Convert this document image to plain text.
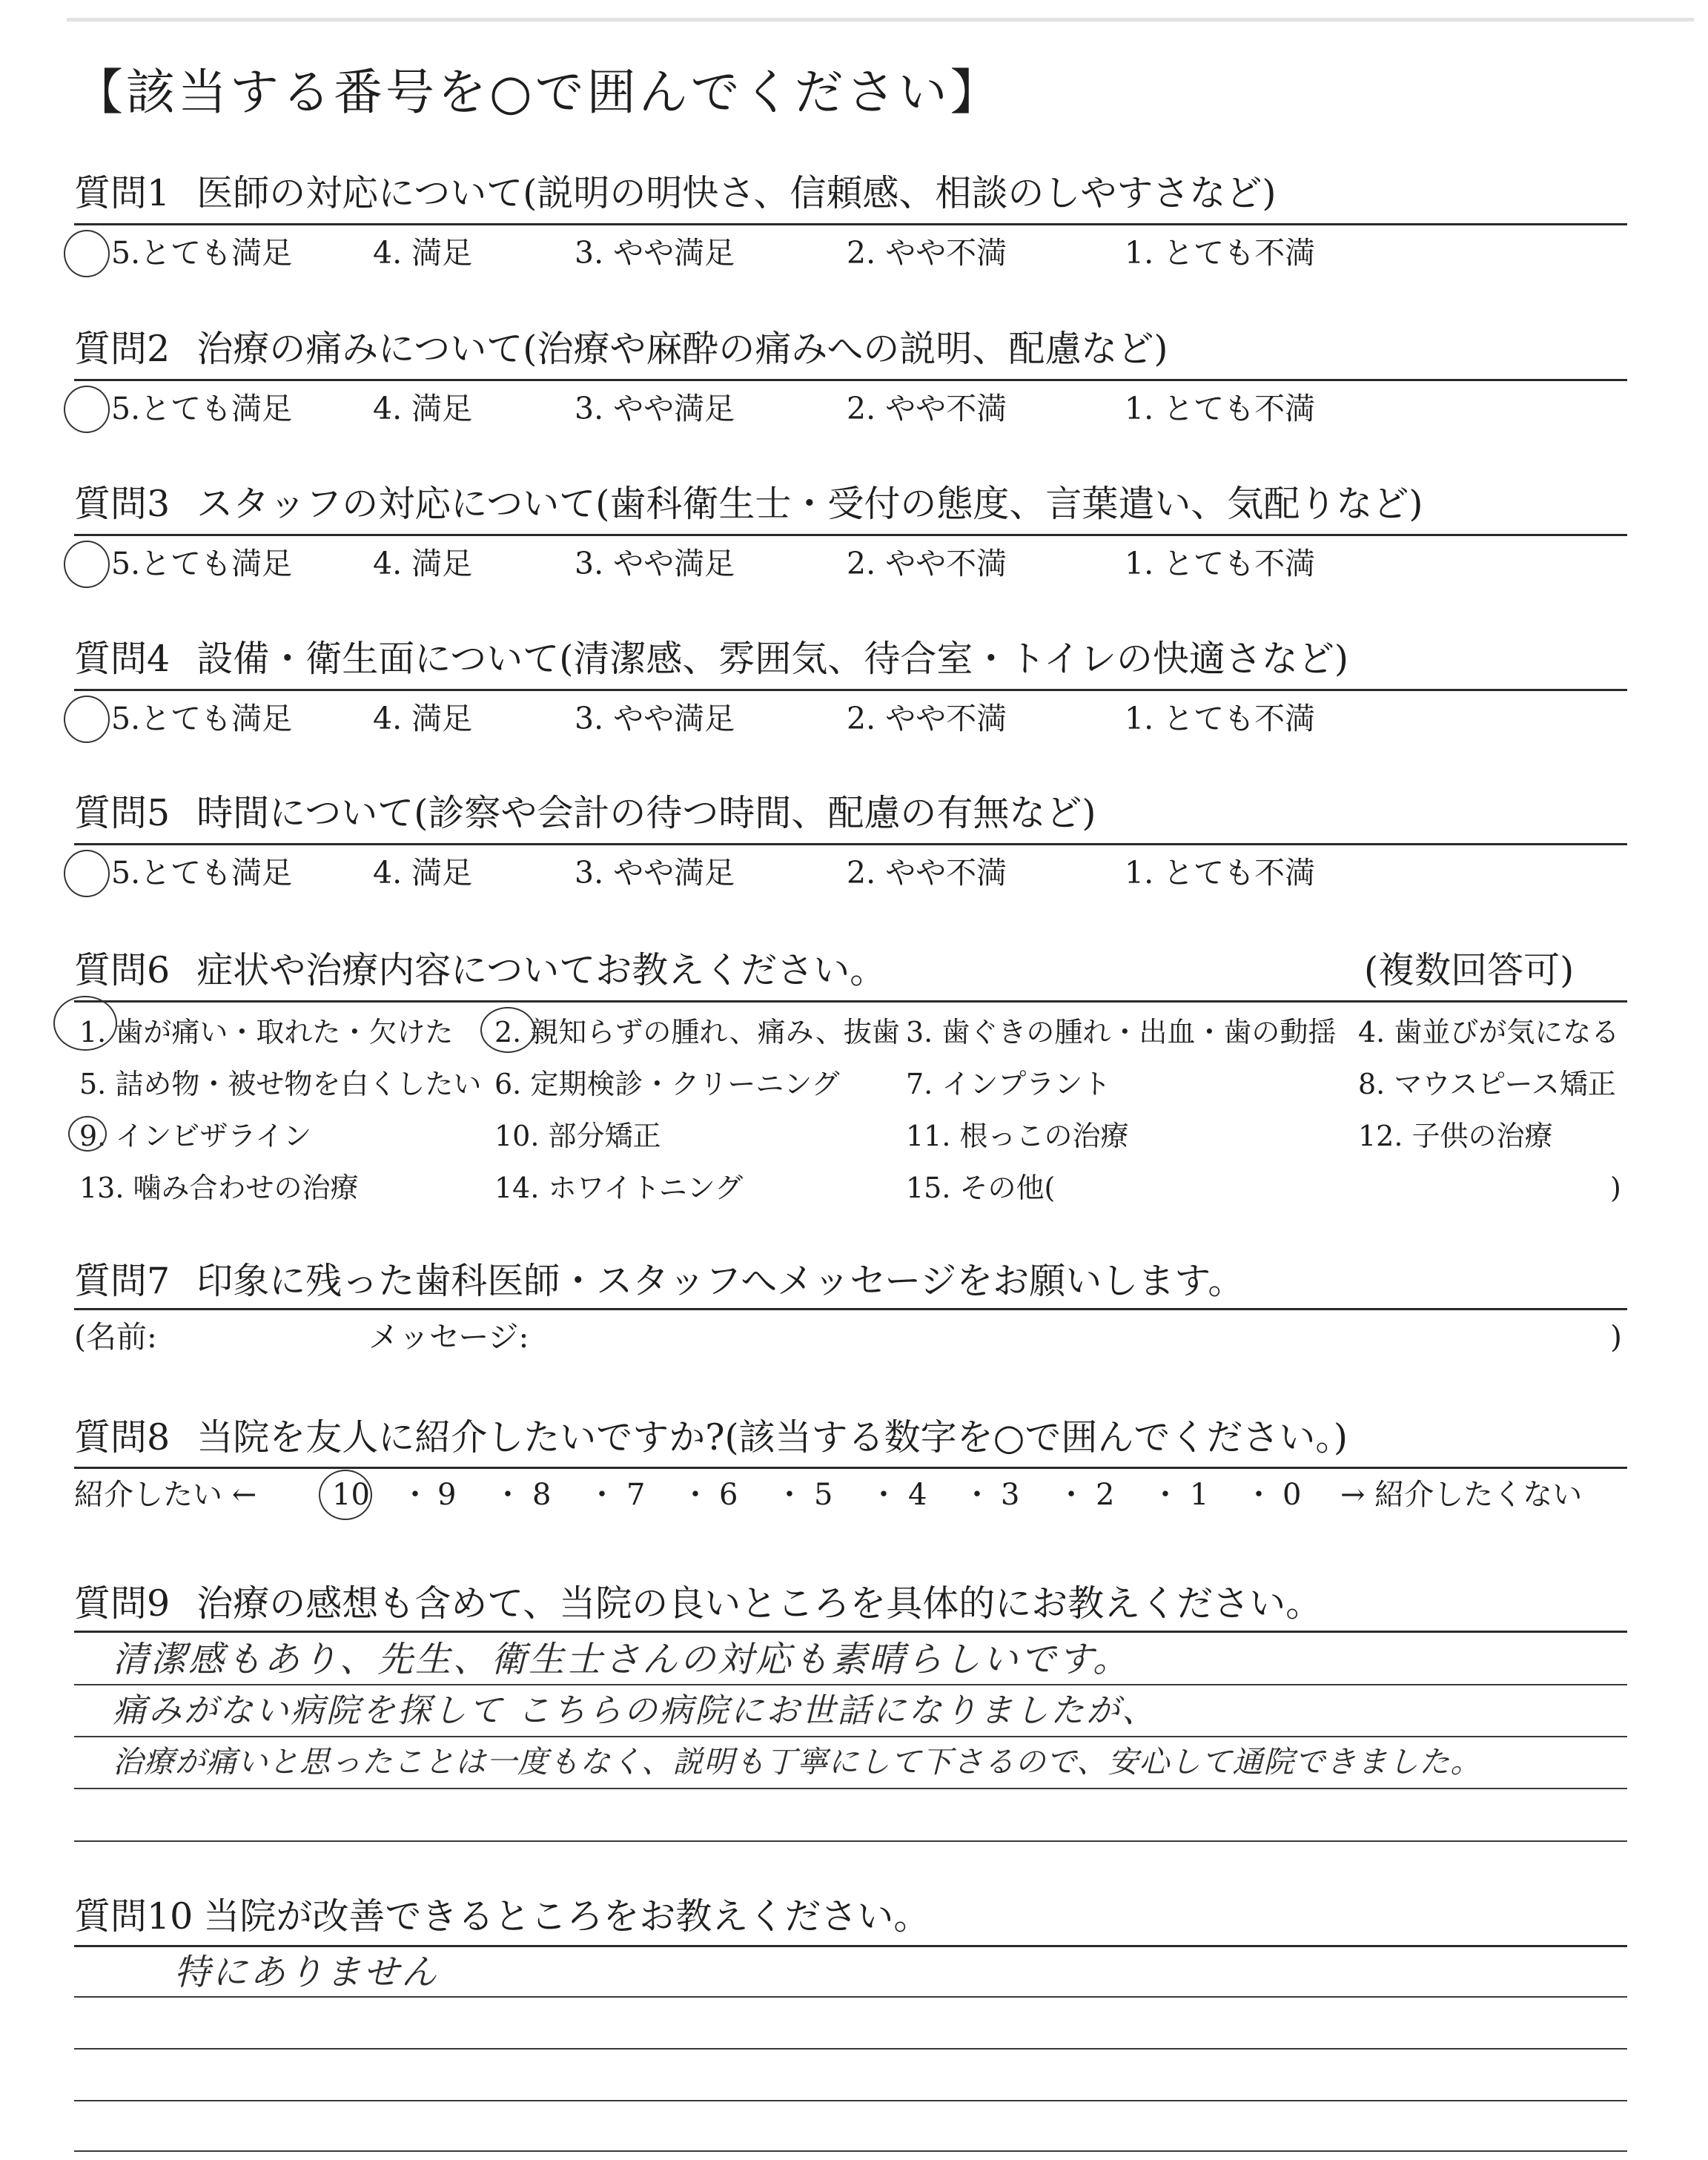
【該当する番号を○で囲んでください】
質問1 医師の対応について(説明の明快さ、信頼感、相談のしやすさなど)
5.とても満足	4. 満足	3. やや満足	2. やや不満	1. とても不満
質問2 治療の痛みについて(治療や麻酔の痛みへの説明、配慮など)
5.とても満足	4. 満足	3. やや満足	2. やや不満	1. とても不満
質問3 スタッフの対応について(歯科衛生士・受付の態度、言葉遣い、気配りなど)
5.とても満足	4. 満足	3. やや満足	2. やや不満	1. とても不満
質問4 設備・衛生面について(清潔感、雰囲気、待合室・トイレの快適さなど)
5.とても満足	4. 満足	3. やや満足	2. やや不満	1. とても不満
質問5 時間について(診察や会計の待つ時間、配慮の有無など)
5.とても満足	4. 満足	3. やや満足	2. やや不満	1. とても不満
質問6 症状や治療内容についてお教えください。	(複数回答可)
1. 歯が痛い・取れた・欠けた 2. 親知らずの腫れ、痛み、抜歯 3. 歯ぐきの腫れ・出血・歯の動揺 4. 歯並びが気になる
5. 詰め物・被せ物を白くしたい 6. 定期検診・クリーニング 7. インプラント	8. マウスピース矯正
9. インビザライン	10. 部分矯正	11. 根っこの治療	12. 子供の治療
13. 噛み合わせの治療	14. ホワイトニング	15. その他(	)
質問7 印象に残った歯科医師・スタッフへメッセージをお願いします。
(名前:	メッセージ:	)
質問8 当院を友人に紹介したいですか?(該当する数字を○で囲んでください。)
紹介したい ←	10 ・ 9 ・ 8 ・ 7 ・ 6 ・ 5 ・ 4 ・ 3 ・ 2 ・ 1 ・ 0 → 紹介したくない
質問9 治療の感想も含めて、当院の良いところを具体的にお教えください。
清潔感もあり、先生、衛生士さんの対応も素晴らしいです。
痛みがない病院を探して こちらの病院にお世話になりましたが、
治療が痛いと思ったことは一度もなく、説明も丁寧にして下さるので、安心して通院できました。
質問10 当院が改善できるところをお教えください。
特にありません
